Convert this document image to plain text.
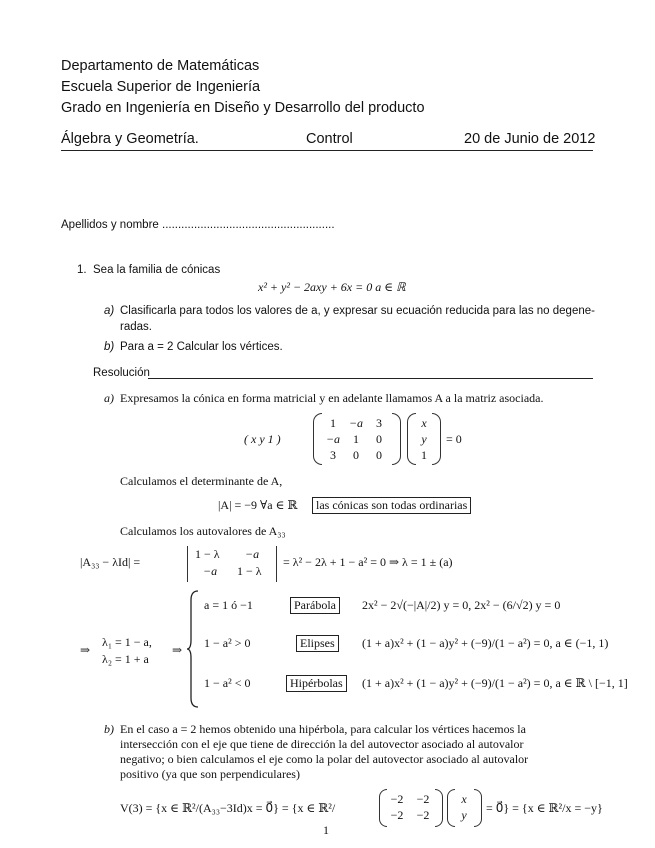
Departamento de Matemáticas
Escuela Superior de Ingeniería
Grado en Ingeniería en Diseño y Desarrollo del producto
Álgebra y Geometría.	Control	20 de Junio de 2012
Apellidos y nombre ......................................................
1. Sea la familia de cónicas
x² + y² − 2axy + 6x = 0 a ∈ ℝ
a) Clasificarla para todos los valores de a, y expresar su ecuación reducida para las no degene-
radas.
b) Para a = 2 Calcular los vértices.
Resolución
a) Expresamos la cónica en forma matricial y en adelante llamamos A a la matriz asociada.
( x y 1 )
1	−a	3
−a	1	0
3	0	0
x
y
1
= 0
Calculamos el determinante de A,
|A| = −9 ∀a ∈ ℝ	las cónicas son todas ordinarias
Calculamos los autovalores de A₃₃
|A₃₃ − λId| =
1 − λ −a
−a 1 − λ
= λ² − 2λ + 1 − a² = 0 ⇒ λ = 1 ± (a)
⇒
λ₁ = 1 − a,
λ₂ = 1 + a
⇒
a = 1 ó −1	Parábola	2x² − 2√(−|A|/2) y = 0, 2x² − (6/√2) y = 0
1 − a² > 0	Elipses	(1 + a)x² + (1 − a)y² + (−9)/(1 − a²) = 0, a ∈ (−1, 1)
1 − a² < 0	Hipérbolas	(1 + a)x² + (1 − a)y² + (−9)/(1 − a²) = 0, a ∈ ℝ \ [−1, 1]
b) En el caso a = 2 hemos obtenido una hipérbola, para calcular los vértices hacemos la
intersección con el eje que tiene de dirección la del autovector asociado al autovalor
negativo; o bien calculamos el eje como la polar del autovector asociado al autovalor
positivo (ya que son perpendiculares)
V(3) = {x ∈ ℝ²/(A₃₃−3Id)x = 0⃗} = {x ∈ ℝ²/
−2 −2
−2 −2
x
y	= 0⃗} = {x ∈ ℝ²/x = −y}
1
